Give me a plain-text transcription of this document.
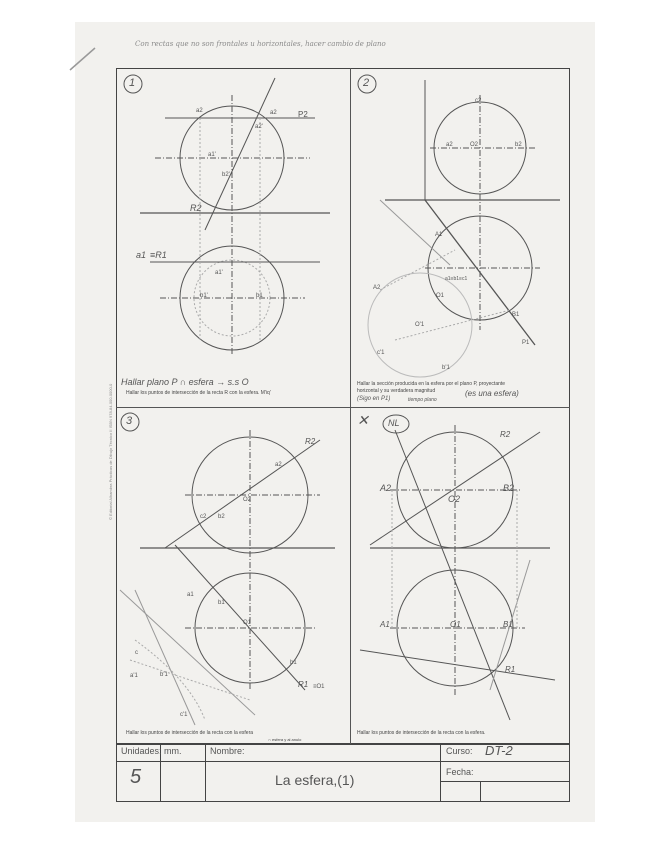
Con rectas que no son frontales u horizontales, hacer cambio de plano
1	2
3	✕ NL
a2	a2
a2'
P2
a1'
b2'
R2
a1 ≡R1
a1'
b1'	b1
Hallar plano P ∩ esfera → s.s O
Hallar los puntos de intersección de la recta R con la esfera. M'iq'
c2
a2	b2
O2
A1
A2
O1
B1
a1≡b1≡c1
O'1
b'1
c'1
P1
Hallar la sección producida en la esfera por el plano P, proyectante
horizontal y su verdadera magnitud	(es una esfera)
(Sigo en P1)	tiempo plano
R2
a2
O2
c2 b2
a1
b1
O1
R1 ≡O1
c
a'1	b'1
c'1
b1
Hallar los puntos de intersección de la recta con la esfera
∩ esfera y al anulo
R2
A2
O2
B2
A1	O1	B1
R1
Hallar los puntos de intersección de la recta con la esfera.
© Editorial Alhambra Prácticas de Dibujo Técnico II ISBN 978-84-000-0000-0
Unidades: mm.	Nombre:	Curso: DT-2
Fecha:
5	La esfera,(1)
